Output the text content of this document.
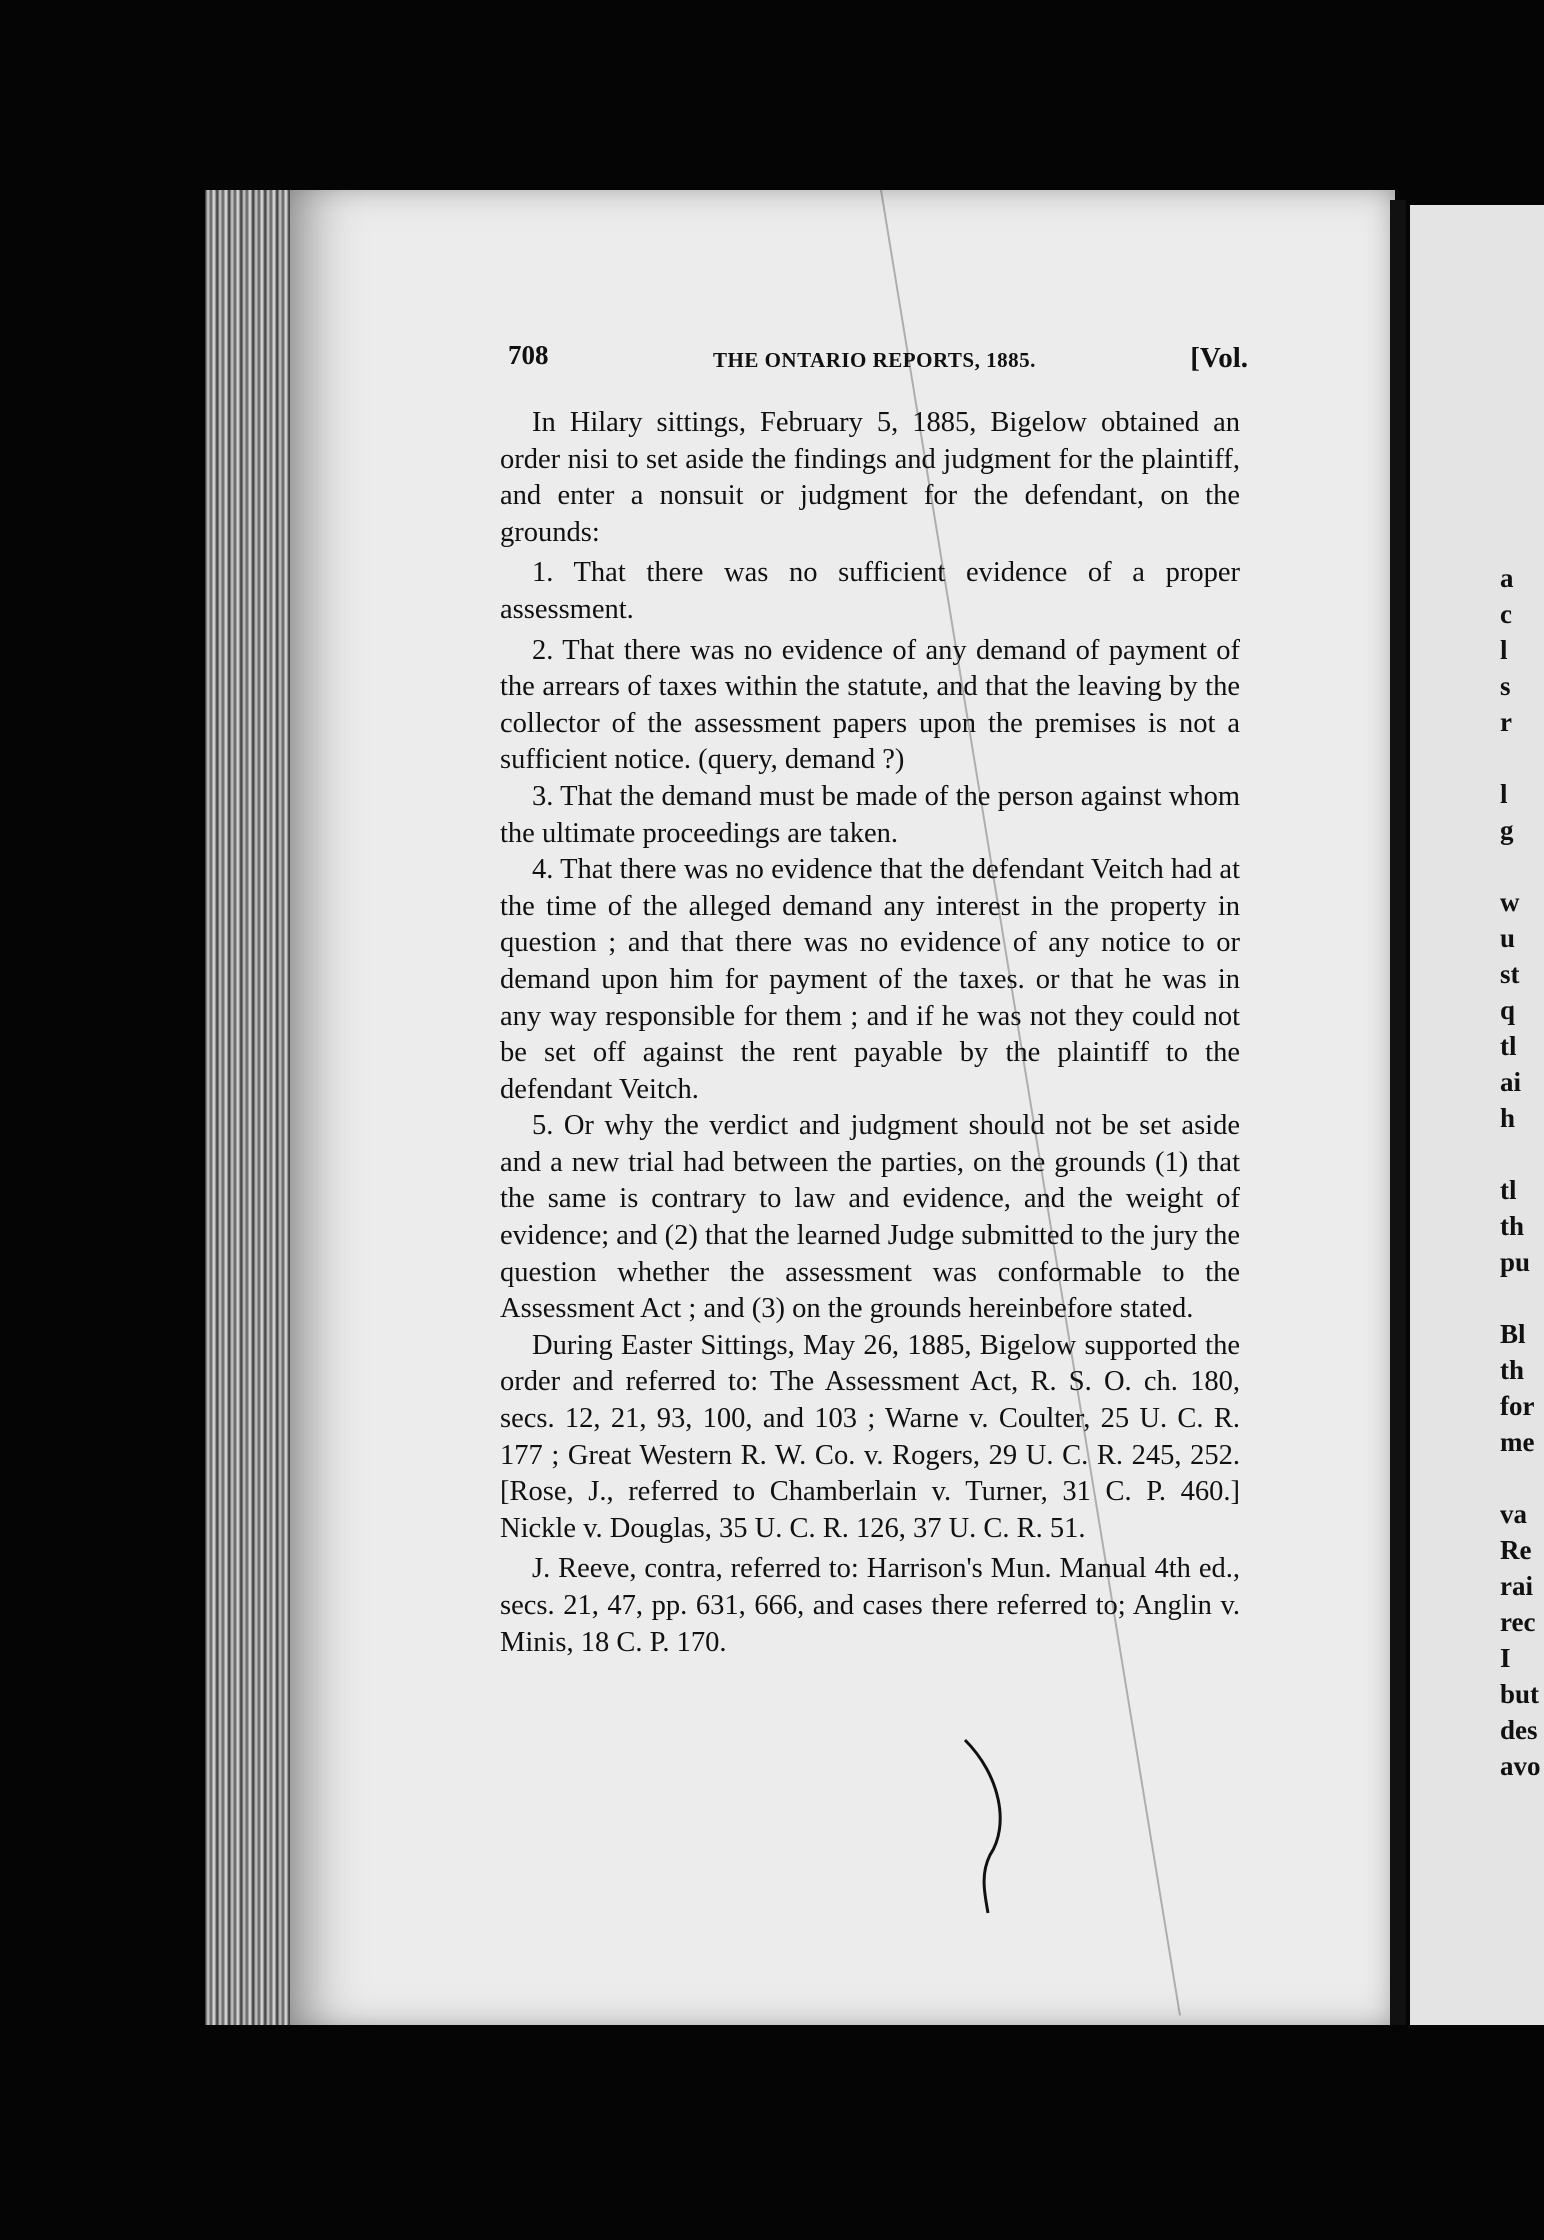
708	THE ONTARIO REPORTS, 1885.	[Vol.

In Hilary sittings, February 5, 1885, Bigelow obtained an order nisi to set aside the findings and judgment for the plaintiff, and enter a nonsuit or judgment for the defendant, on the grounds:

1. That there was no sufficient evidence of a proper assessment.

2. That there was no evidence of any demand of payment of the arrears of taxes within the statute, and that the leaving by the collector of the assessment papers upon the premises is not a sufficient notice. (query, demand ?)

3. That the demand must be made of the person against whom the ultimate proceedings are taken.

4. That there was no evidence that the defendant Veitch had at the time of the alleged demand any interest in the property in question ; and that there was no evidence of any notice to or demand upon him for payment of the taxes. or that he was in any way responsible for them ; and if he was not they could not be set off against the rent payable by the plaintiff to the defendant Veitch.

5. Or why the verdict and judgment should not be set aside and a new trial had between the parties, on the grounds (1) that the same is contrary to law and evidence, and the weight of evidence; and (2) that the learned Judge submitted to the jury the question whether the assessment was conformable to the Assessment Act ; and (3) on the grounds hereinbefore stated.

During Easter Sittings, May 26, 1885, Bigelow supported the order and referred to: The Assessment Act, R. S. O. ch. 180, secs. 12, 21, 93, 100, and 103 ; Warne v. Coulter, 25 U. C. R. 177 ; Great Western R. W. Co. v. Rogers, 29 U. C. R. 245, 252. [Rose, J., referred to Chamberlain v. Turner, 31 C. P. 460.] Nickle v. Douglas, 35 U. C. R. 126, 37 U. C. R. 51.

J. Reeve, contra, referred to: Harrison's Mun. Manual 4th ed., secs. 21, 47, pp. 631, 666, and cases there referred to; Anglin v. Minis, 18 C. P. 170.

a
c
l
s
r

l
g

w
u
st
q
tl
ai
h

tl
th
pu

Bl
th
for
me

va
Re
rai
rec
I
but
des
avo
